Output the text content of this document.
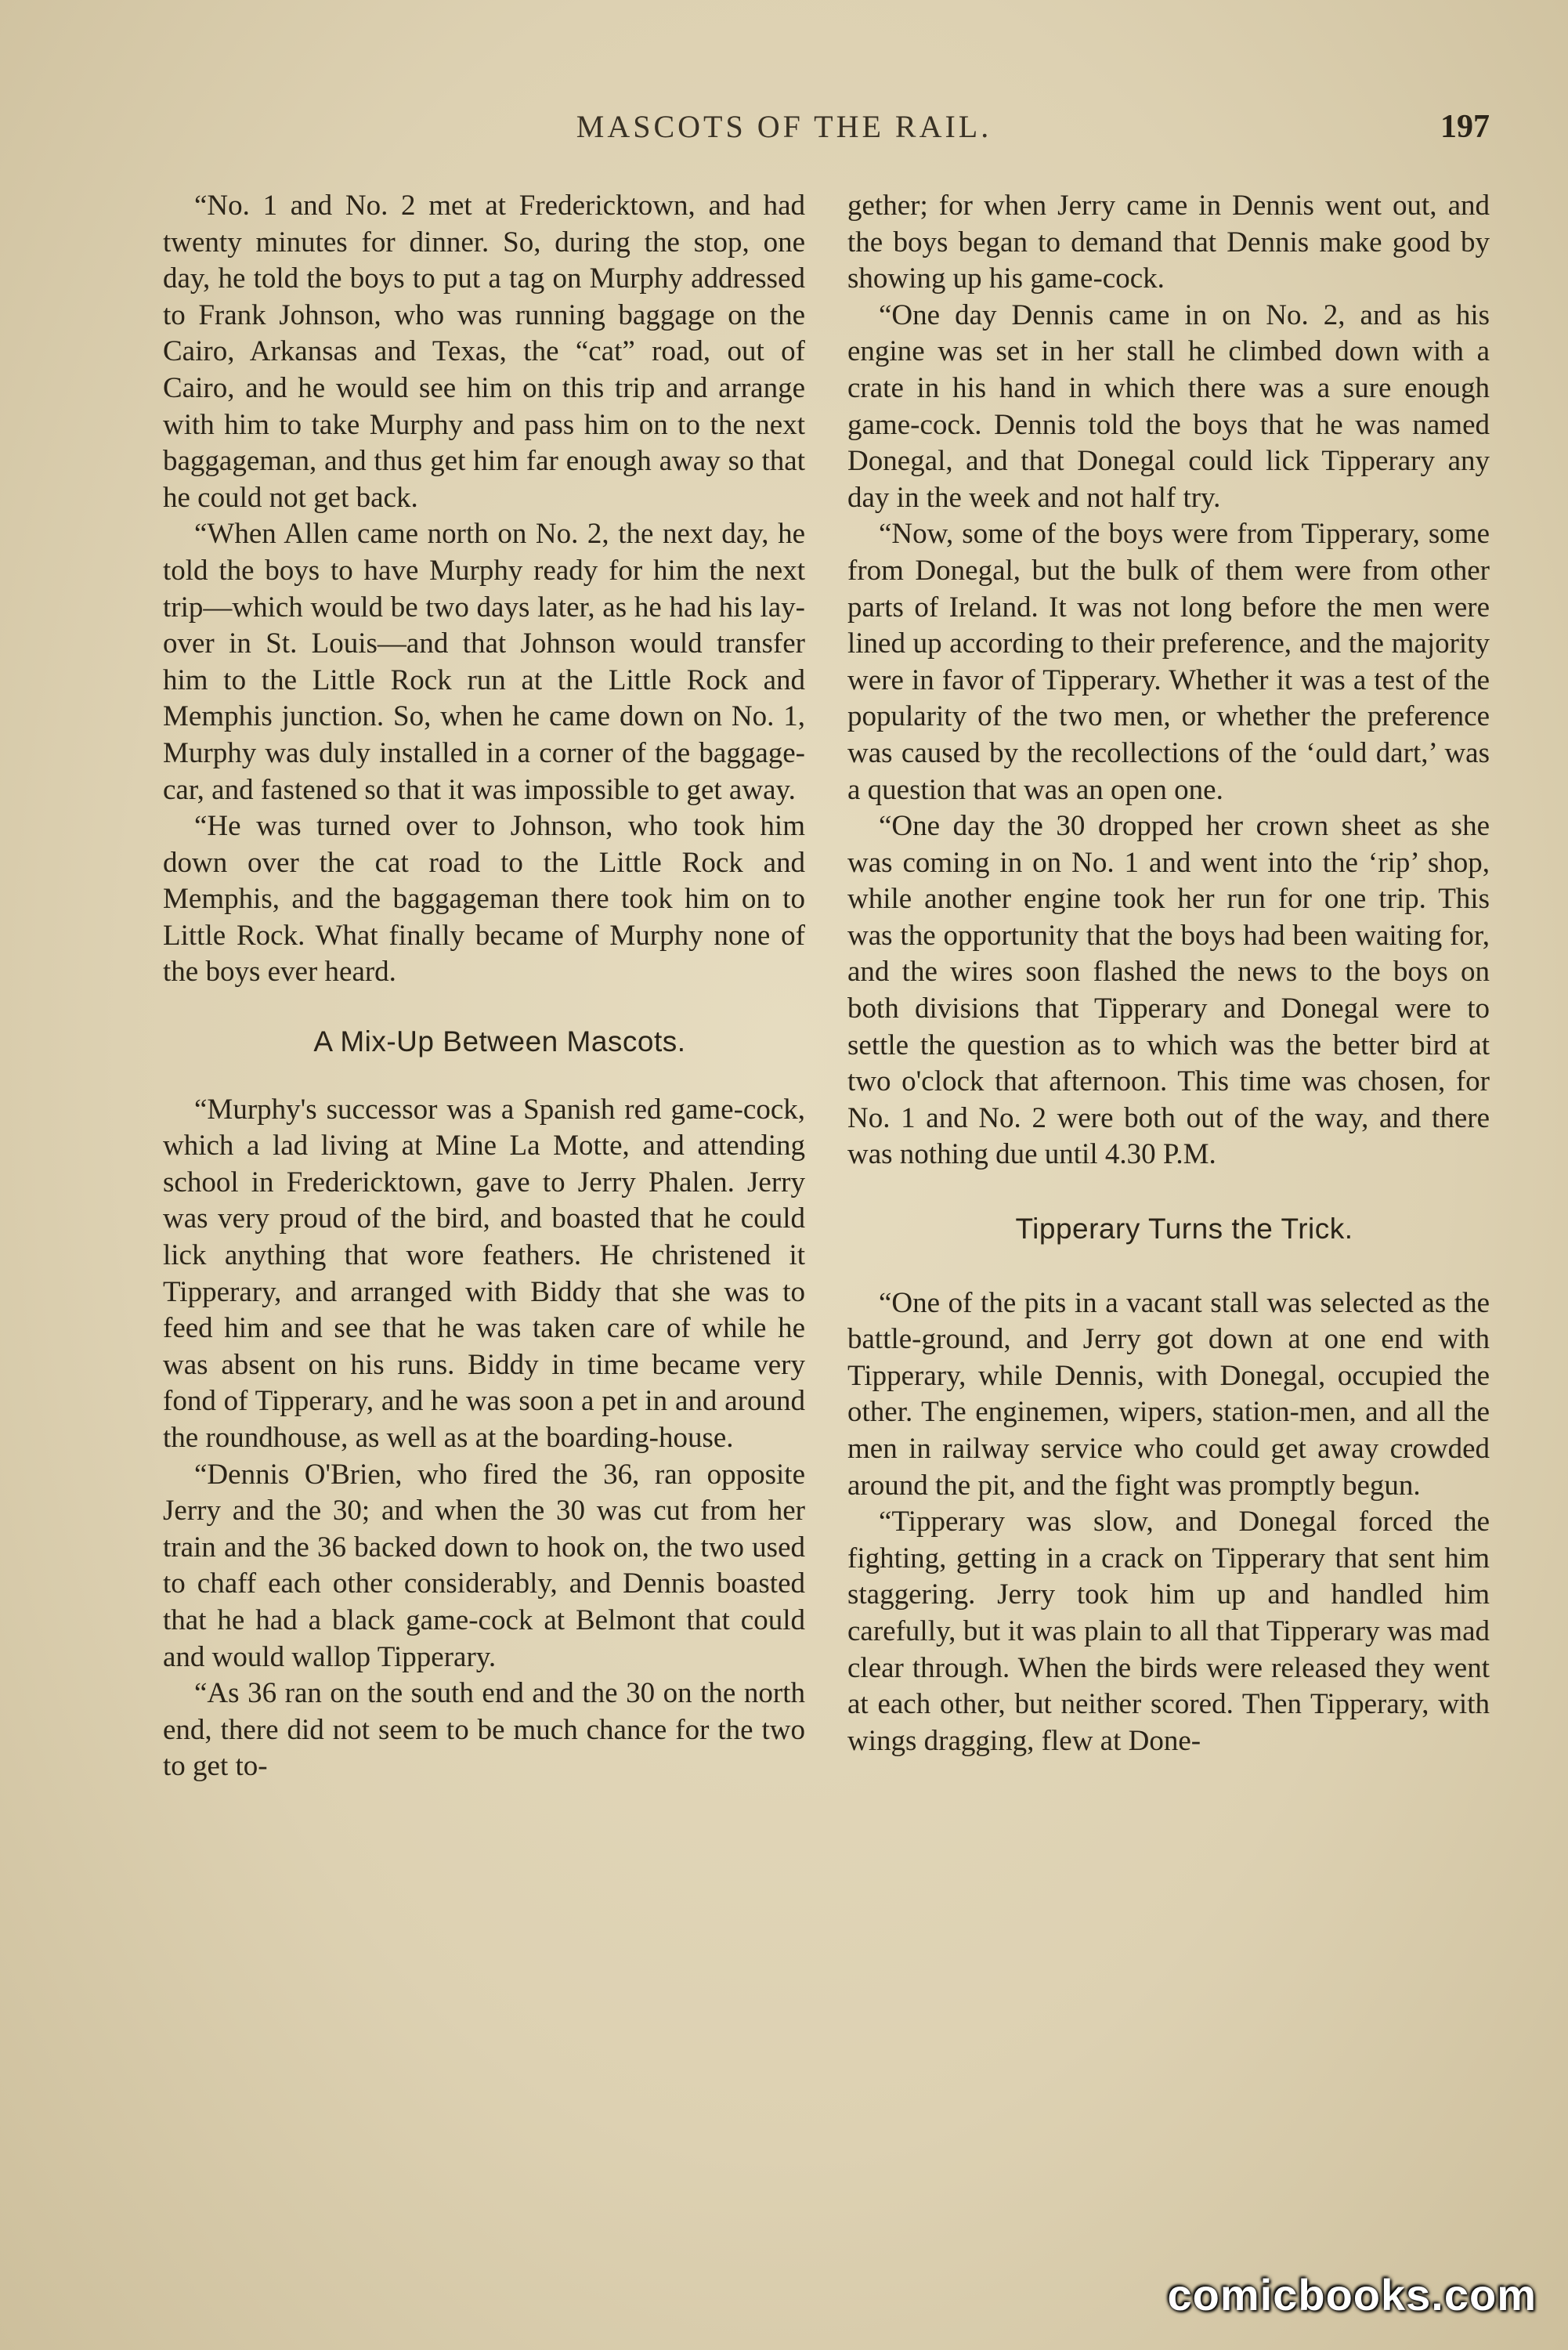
MASCOTS OF THE RAIL.	197

“No. 1 and No. 2 met at Fredericktown, and had twenty minutes for dinner. So, during the stop, one day, he told the boys to put a tag on Murphy addressed to Frank Johnson, who was running baggage on the Cairo, Arkansas and Texas, the “cat” road, out of Cairo, and he would see him on this trip and arrange with him to take Murphy and pass him on to the next baggageman, and thus get him far enough away so that he could not get back.

“When Allen came north on No. 2, the next day, he told the boys to have Murphy ready for him the next trip—which would be two days later, as he had his lay-over in St. Louis—and that Johnson would transfer him to the Little Rock run at the Little Rock and Memphis junction. So, when he came down on No. 1, Murphy was duly installed in a corner of the baggage-car, and fastened so that it was impossible to get away.

“He was turned over to Johnson, who took him down over the cat road to the Little Rock and Memphis, and the baggageman there took him on to Little Rock. What finally became of Murphy none of the boys ever heard.

A Mix-Up Between Mascots.

“Murphy's successor was a Spanish red game-cock, which a lad living at Mine La Motte, and attending school in Fredericktown, gave to Jerry Phalen. Jerry was very proud of the bird, and boasted that he could lick anything that wore feathers. He christened it Tipperary, and arranged with Biddy that she was to feed him and see that he was taken care of while he was absent on his runs. Biddy in time became very fond of Tipperary, and he was soon a pet in and around the roundhouse, as well as at the boarding-house.

“Dennis O'Brien, who fired the 36, ran opposite Jerry and the 30; and when the 30 was cut from her train and the 36 backed down to hook on, the two used to chaff each other considerably, and Dennis boasted that he had a black game-cock at Belmont that could and would wallop Tipperary.

“As 36 ran on the south end and the 30 on the north end, there did not seem to be much chance for the two to get to-

gether; for when Jerry came in Dennis went out, and the boys began to demand that Dennis make good by showing up his game-cock.

“One day Dennis came in on No. 2, and as his engine was set in her stall he climbed down with a crate in his hand in which there was a sure enough game-cock. Dennis told the boys that he was named Donegal, and that Donegal could lick Tipperary any day in the week and not half try.

“Now, some of the boys were from Tipperary, some from Donegal, but the bulk of them were from other parts of Ireland. It was not long before the men were lined up according to their preference, and the majority were in favor of Tipperary. Whether it was a test of the popularity of the two men, or whether the preference was caused by the recollections of the ‘ould dart,’ was a question that was an open one.

“One day the 30 dropped her crown sheet as she was coming in on No. 1 and went into the ‘rip’ shop, while another engine took her run for one trip. This was the opportunity that the boys had been waiting for, and the wires soon flashed the news to the boys on both divisions that Tipperary and Donegal were to settle the question as to which was the better bird at two o'clock that afternoon. This time was chosen, for No. 1 and No. 2 were both out of the way, and there was nothing due until 4.30 P.M.

Tipperary Turns the Trick.

“One of the pits in a vacant stall was selected as the battle-ground, and Jerry got down at one end with Tipperary, while Dennis, with Donegal, occupied the other. The enginemen, wipers, station-men, and all the men in railway service who could get away crowded around the pit, and the fight was promptly begun.

“Tipperary was slow, and Donegal forced the fighting, getting in a crack on Tipperary that sent him staggering. Jerry took him up and handled him carefully, but it was plain to all that Tipperary was mad clear through. When the birds were released they went at each other, but neither scored. Then Tipperary, with wings dragging, flew at Done-

comicbooks.com
